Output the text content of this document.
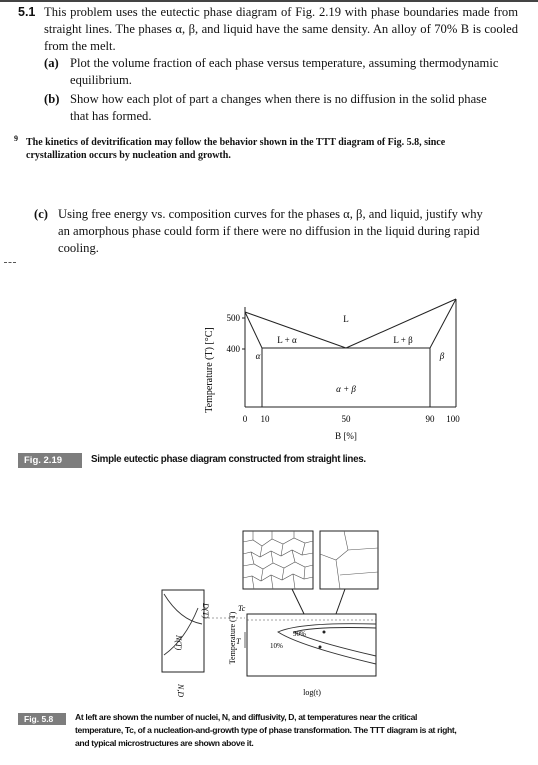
5.1 This problem uses the eutectic phase diagram of Fig. 2.19 with phase boundaries made from straight lines. The phases α, β, and liquid have the same density. An alloy of 70% B is cooled from the melt.
(a) Plot the volume fraction of each phase versus temperature, assuming thermodynamic equilibrium.
(b) Show how each plot of part a changes when there is no diffusion in the solid phase that has formed.
9 The kinetics of devitrification may follow the behavior shown in the TTT diagram of Fig. 5.8, since crystallization occurs by nucleation and growth.
(c) Using free energy vs. composition curves for the phases α, β, and liquid, justify why an amorphous phase could form if there were no diffusion in the liquid during rapid cooling.
Temperature (T) [°C]
500
400
L
L + α	L + β
α	β
α + β
0 10	50	90 100
B [%]
Fig. 2.19	Simple eutectic phase diagram constructed from straight lines.
D(T)
N(T)
N,D
Temperature (T)
Tc
T
90%
10%
log(t)
Fig. 5.8	At left are shown the number of nuclei, N, and diffusivity, D, at temperatures near the critical temperature, Tc, of a nucleation-and-growth type of phase transformation. The TTT diagram is at right, and typical microstructures are shown above it.
